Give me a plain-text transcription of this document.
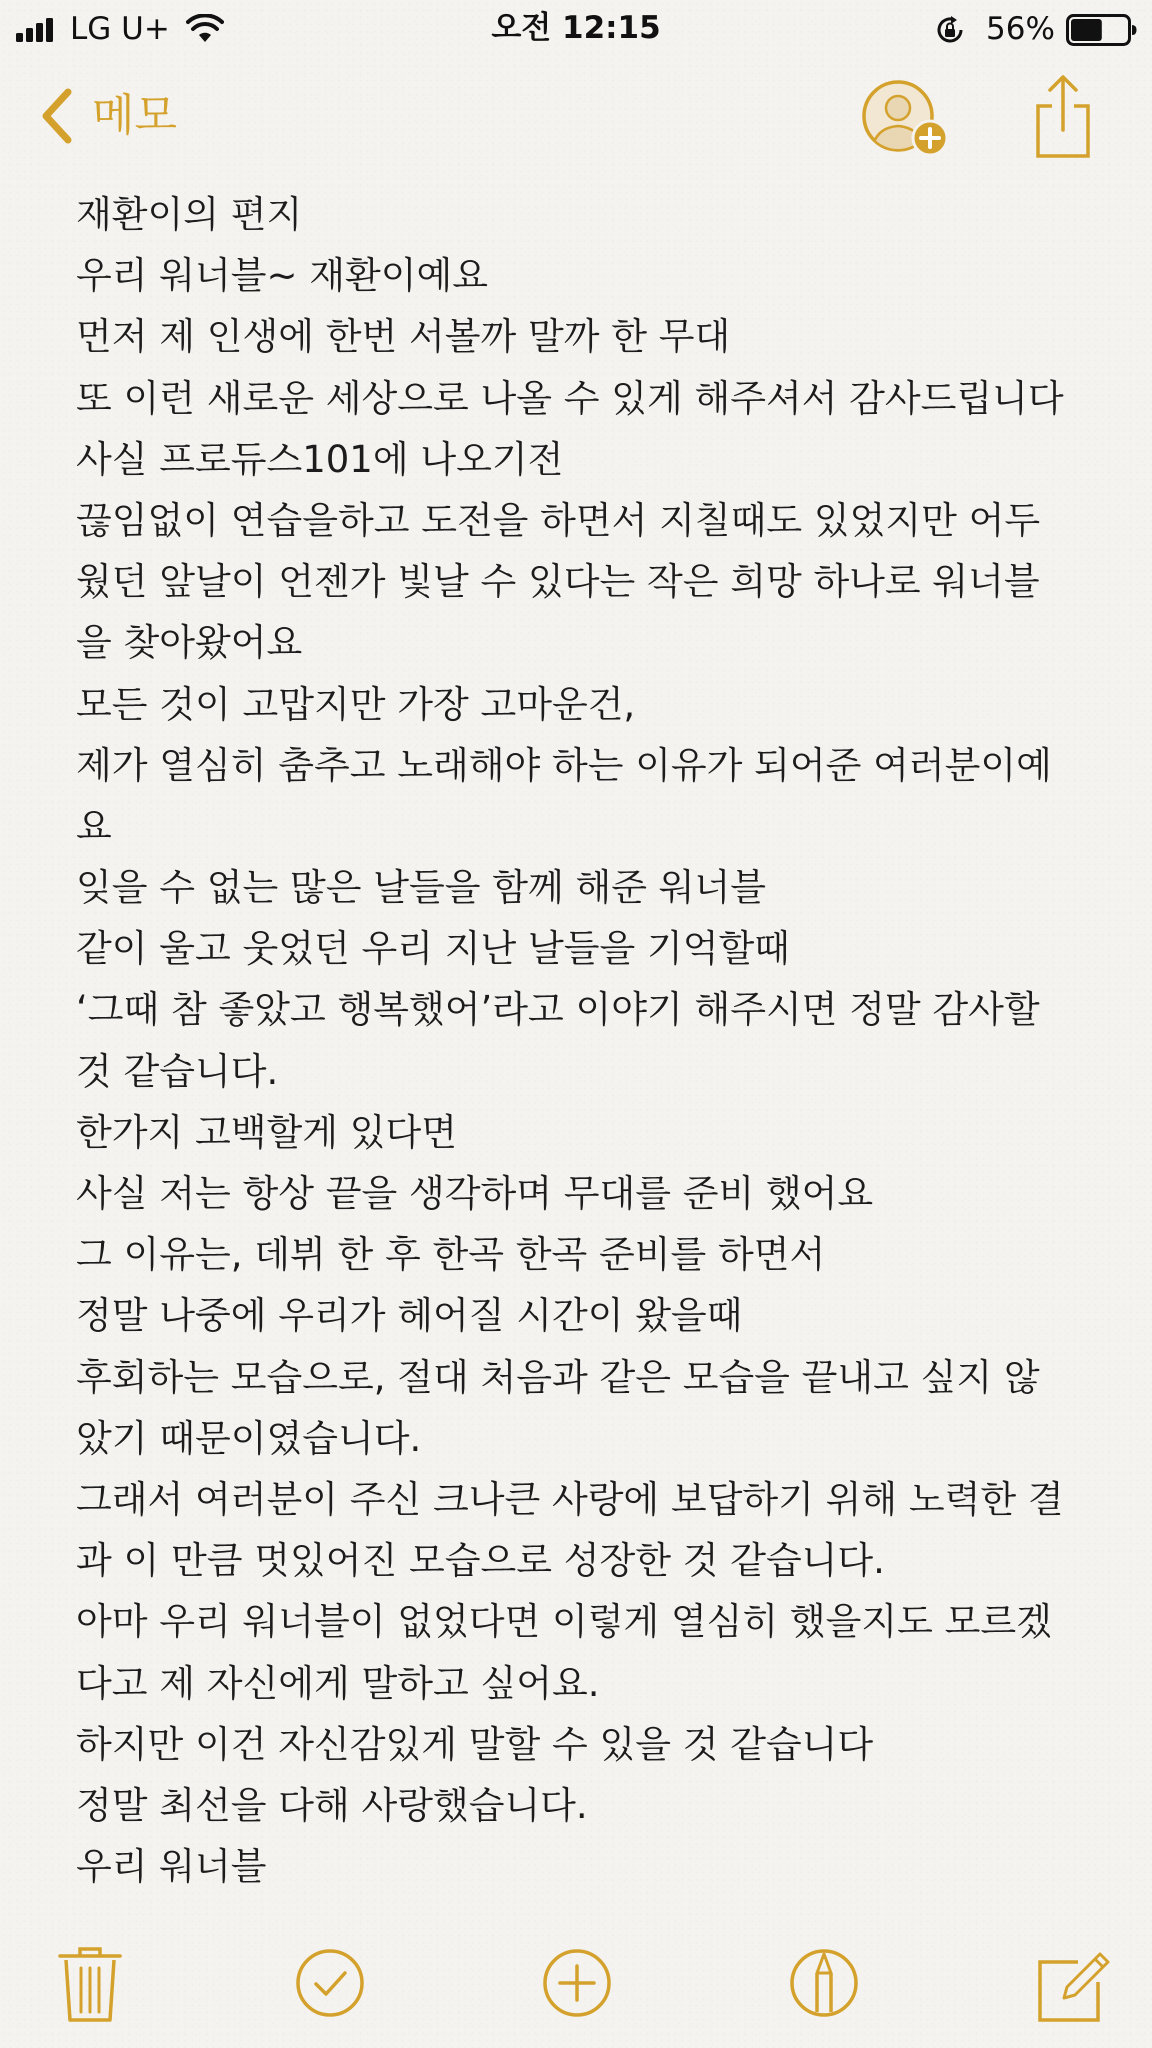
LG U+	오전 12:15	56%
메모
재환이의 편지
우리 워너블~ 재환이예요
먼저 제 인생에 한번 서볼까 말까 한 무대
또 이런 새로운 세상으로 나올 수 있게 해주셔서 감사드립니다
사실 프로듀스101에 나오기전
끊임없이 연습을하고 도전을 하면서 지칠때도 있었지만 어두
웠던 앞날이 언젠가 빛날 수 있다는 작은 희망 하나로 워너블
을 찾아왔어요
모든 것이 고맙지만 가장 고마운건,
제가 열심히 춤추고 노래해야 하는 이유가 되어준 여러분이예
요
잊을 수 없는 많은 날들을 함께 해준 워너블
같이 울고 웃었던 우리 지난 날들을 기억할때
‘그때 참 좋았고 행복했어’라고 이야기 해주시면 정말 감사할
것 같습니다.
한가지 고백할게 있다면
사실 저는 항상 끝을 생각하며 무대를 준비 했어요
그 이유는, 데뷔 한 후 한곡 한곡 준비를 하면서
정말 나중에 우리가 헤어질 시간이 왔을때
후회하는 모습으로, 절대 처음과 같은 모습을 끝내고 싶지 않
았기 때문이였습니다.
그래서 여러분이 주신 크나큰 사랑에 보답하기 위해 노력한 결
과 이 만큼 멋있어진 모습으로 성장한 것 같습니다.
아마 우리 워너블이 없었다면 이렇게 열심히 했을지도 모르겠
다고 제 자신에게 말하고 싶어요.
하지만 이건 자신감있게 말할 수 있을 것 같습니다
정말 최선을 다해 사랑했습니다.
우리 워너블
